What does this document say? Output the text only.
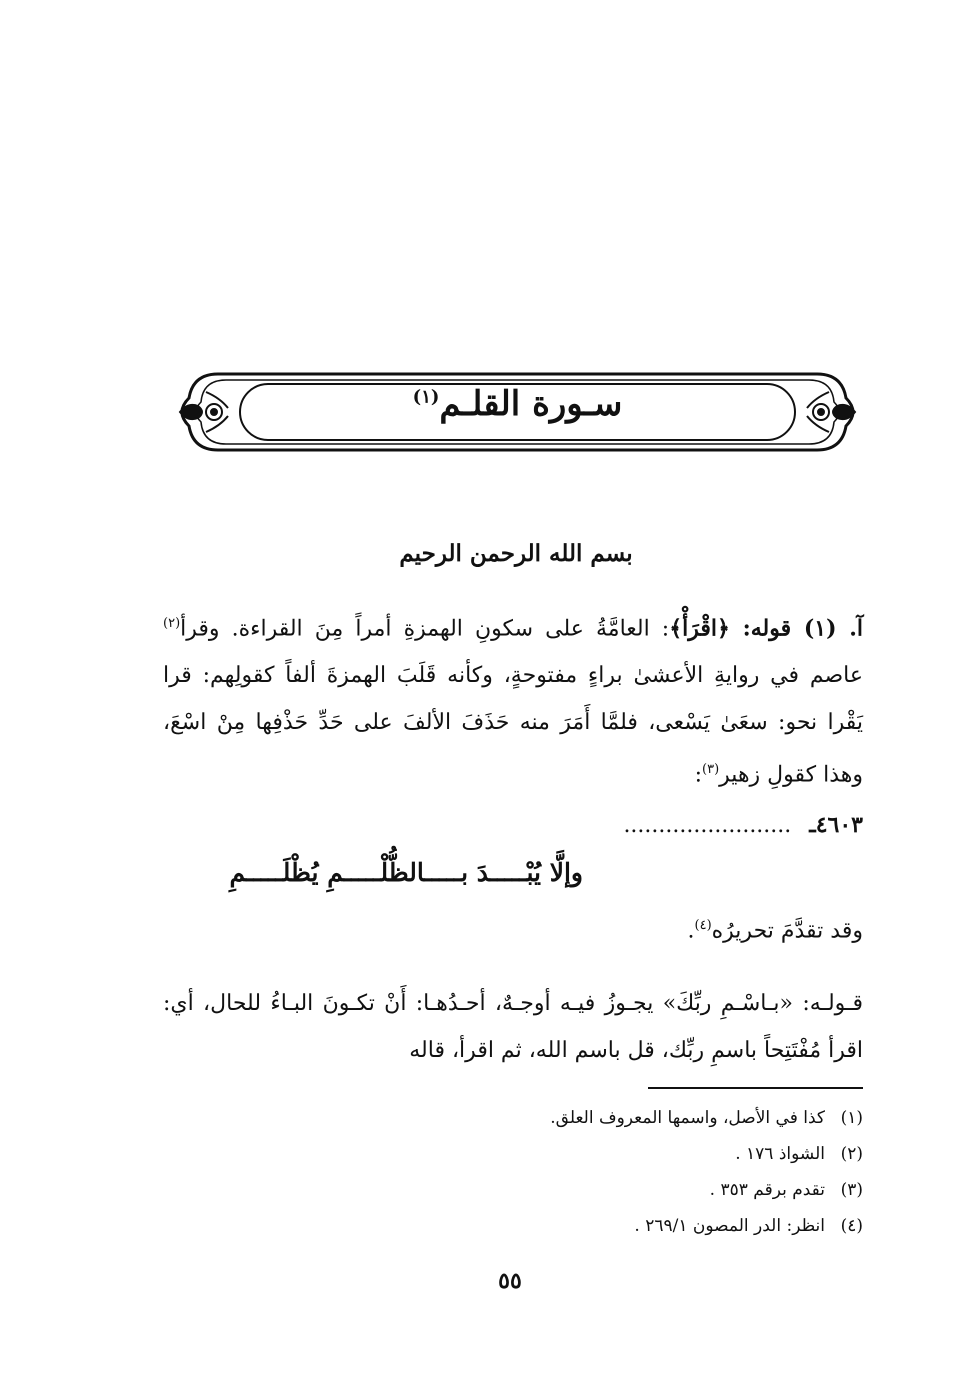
سـورة القلـم$^{(١)}$
بسم الله الرحمن الرحيم
آ. (١) قوله: ﴿اقْرَأْ﴾: العامَّةُ على سكونِ الهمزةِ أمراً مِنَ القراءة. وقرأ$^{(٢)}$ عاصم في روايةِ الأعشىٰ براءٍ مفتوحةٍ، وكأنه قَلَبَ الهمزةَ ألفاً كقولِهم: قرا يَقْرا نحو: سعَىٰ يَسْعى، فلمَّا أَمَرَ منه حَذَفَ الألفَ على حَدِّ حَذْفِها مِنْ اسْعَ، وهذا كقولِ زهير$^{(٣)}$:
٤٦٠٣ـ........................
وإلَّا يُبْـــــدَ بـــــالظُّلْـــــمِ يُظْلَـــــمِ
وقد تقدَّمَ تحريرُه$^{(٤)}$.
قـولـه: «بـاسْـمِ ربِّكَ» يجـوزُ فيـه أوجـهٌ، أحـدُهـا: أَنْ تكـونَ البـاءُ للحال، أي: اقرأ مُفْتَتِحاً باسمِ ربِّك، قل باسم الله، ثم اقرأ، قاله
(١)كذا في الأصل، واسمها المعروف العلق.
(٢)الشواذ ١٧٦ .
(٣)تقدم برقم ٣٥٣ .
(٤)انظر: الدر المصون ٢٦٩/١ .
٥٥
